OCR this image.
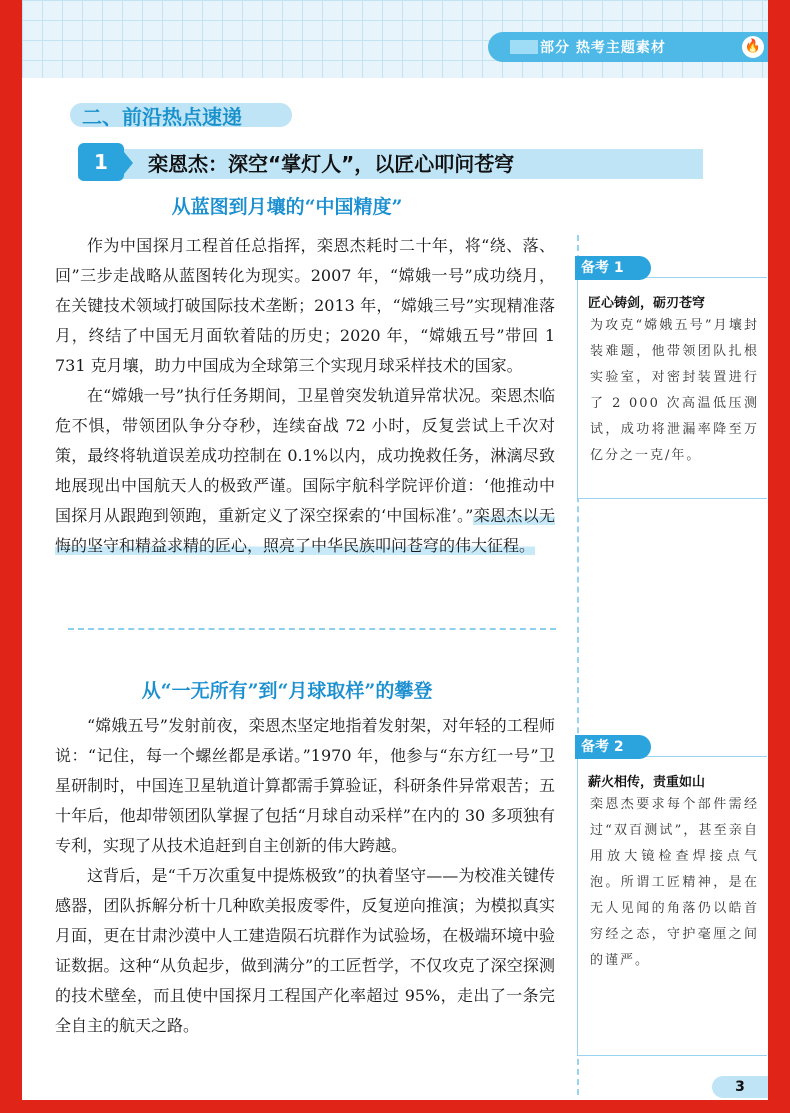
部分 热考主题素材	🔥
二、前沿热点速递
1	栾恩杰：深空“掌灯人”，以匠心叩问苍穹
从蓝图到月壤的“中国精度”

作为中国探月工程首任总指挥，栾恩杰耗时二十年，将“绕、落、回”三步走战略从蓝图转化为现实。2007 年，“嫦娥一号”成功绕月，在关键技术领域打破国际技术垄断；2013 年，“嫦娥三号”实现精准落月，终结了中国无月面软着陆的历史；2020 年，“嫦娥五号”带回 1 731 克月壤，助力中国成为全球第三个实现月球采样技术的国家。

在“嫦娥一号”执行任务期间，卫星曾突发轨道异常状况。栾恩杰临危不惧，带领团队争分夺秒，连续奋战 72 小时，反复尝试上千次对策，最终将轨道误差成功控制在 0.1%以内，成功挽救任务，淋漓尽致地展现出中国航天人的极致严谨。国际宇航科学院评价道：‘他推动中国探月从跟跑到领跑，重新定义了深空探索的‘中国标准’。”栾恩杰以无悔的坚守和精益求精的匠心，照亮了中华民族叩问苍穹的伟大征程。

从“一无所有”到“月球取样”的攀登

“嫦娥五号”发射前夜，栾恩杰坚定地指着发射架，对年轻的工程师说：“记住，每一个螺丝都是承诺。”1970 年，他参与“东方红一号”卫星研制时，中国连卫星轨道计算都需手算验证，科研条件异常艰苦；五十年后，他却带领团队掌握了包括“月球自动采样”在内的 30 多项独有专利，实现了从技术追赶到自主创新的伟大跨越。

这背后，是“千万次重复中提炼极致”的执着坚守——为校准关键传感器，团队拆解分析十几种欧美报废零件，反复逆向推演；为模拟真实月面，更在甘肃沙漠中人工建造陨石坑群作为试验场，在极端环境中验证数据。这种“从负起步，做到满分”的工匠哲学，不仅攻克了深空探测的技术壁垒，而且使中国探月工程国产化率超过 95%，走出了一条完全自主的航天之路。

匠心铸剑，砺刃苍穹
为攻克“嫦娥五号”月壤封装难题，他带领团队扎根实验室，对密封装置进行了 2 000 次高温低压测试，成功将泄漏率降至万亿分之一克/年。
备考 1
薪火相传，责重如山
栾恩杰要求每个部件需经过“双百测试”，甚至亲自用放大镜检查焊接点气泡。所谓工匠精神，是在无人见闻的角落仍以皓首穷经之态，守护毫厘之间的谨严。
备考 2
3
